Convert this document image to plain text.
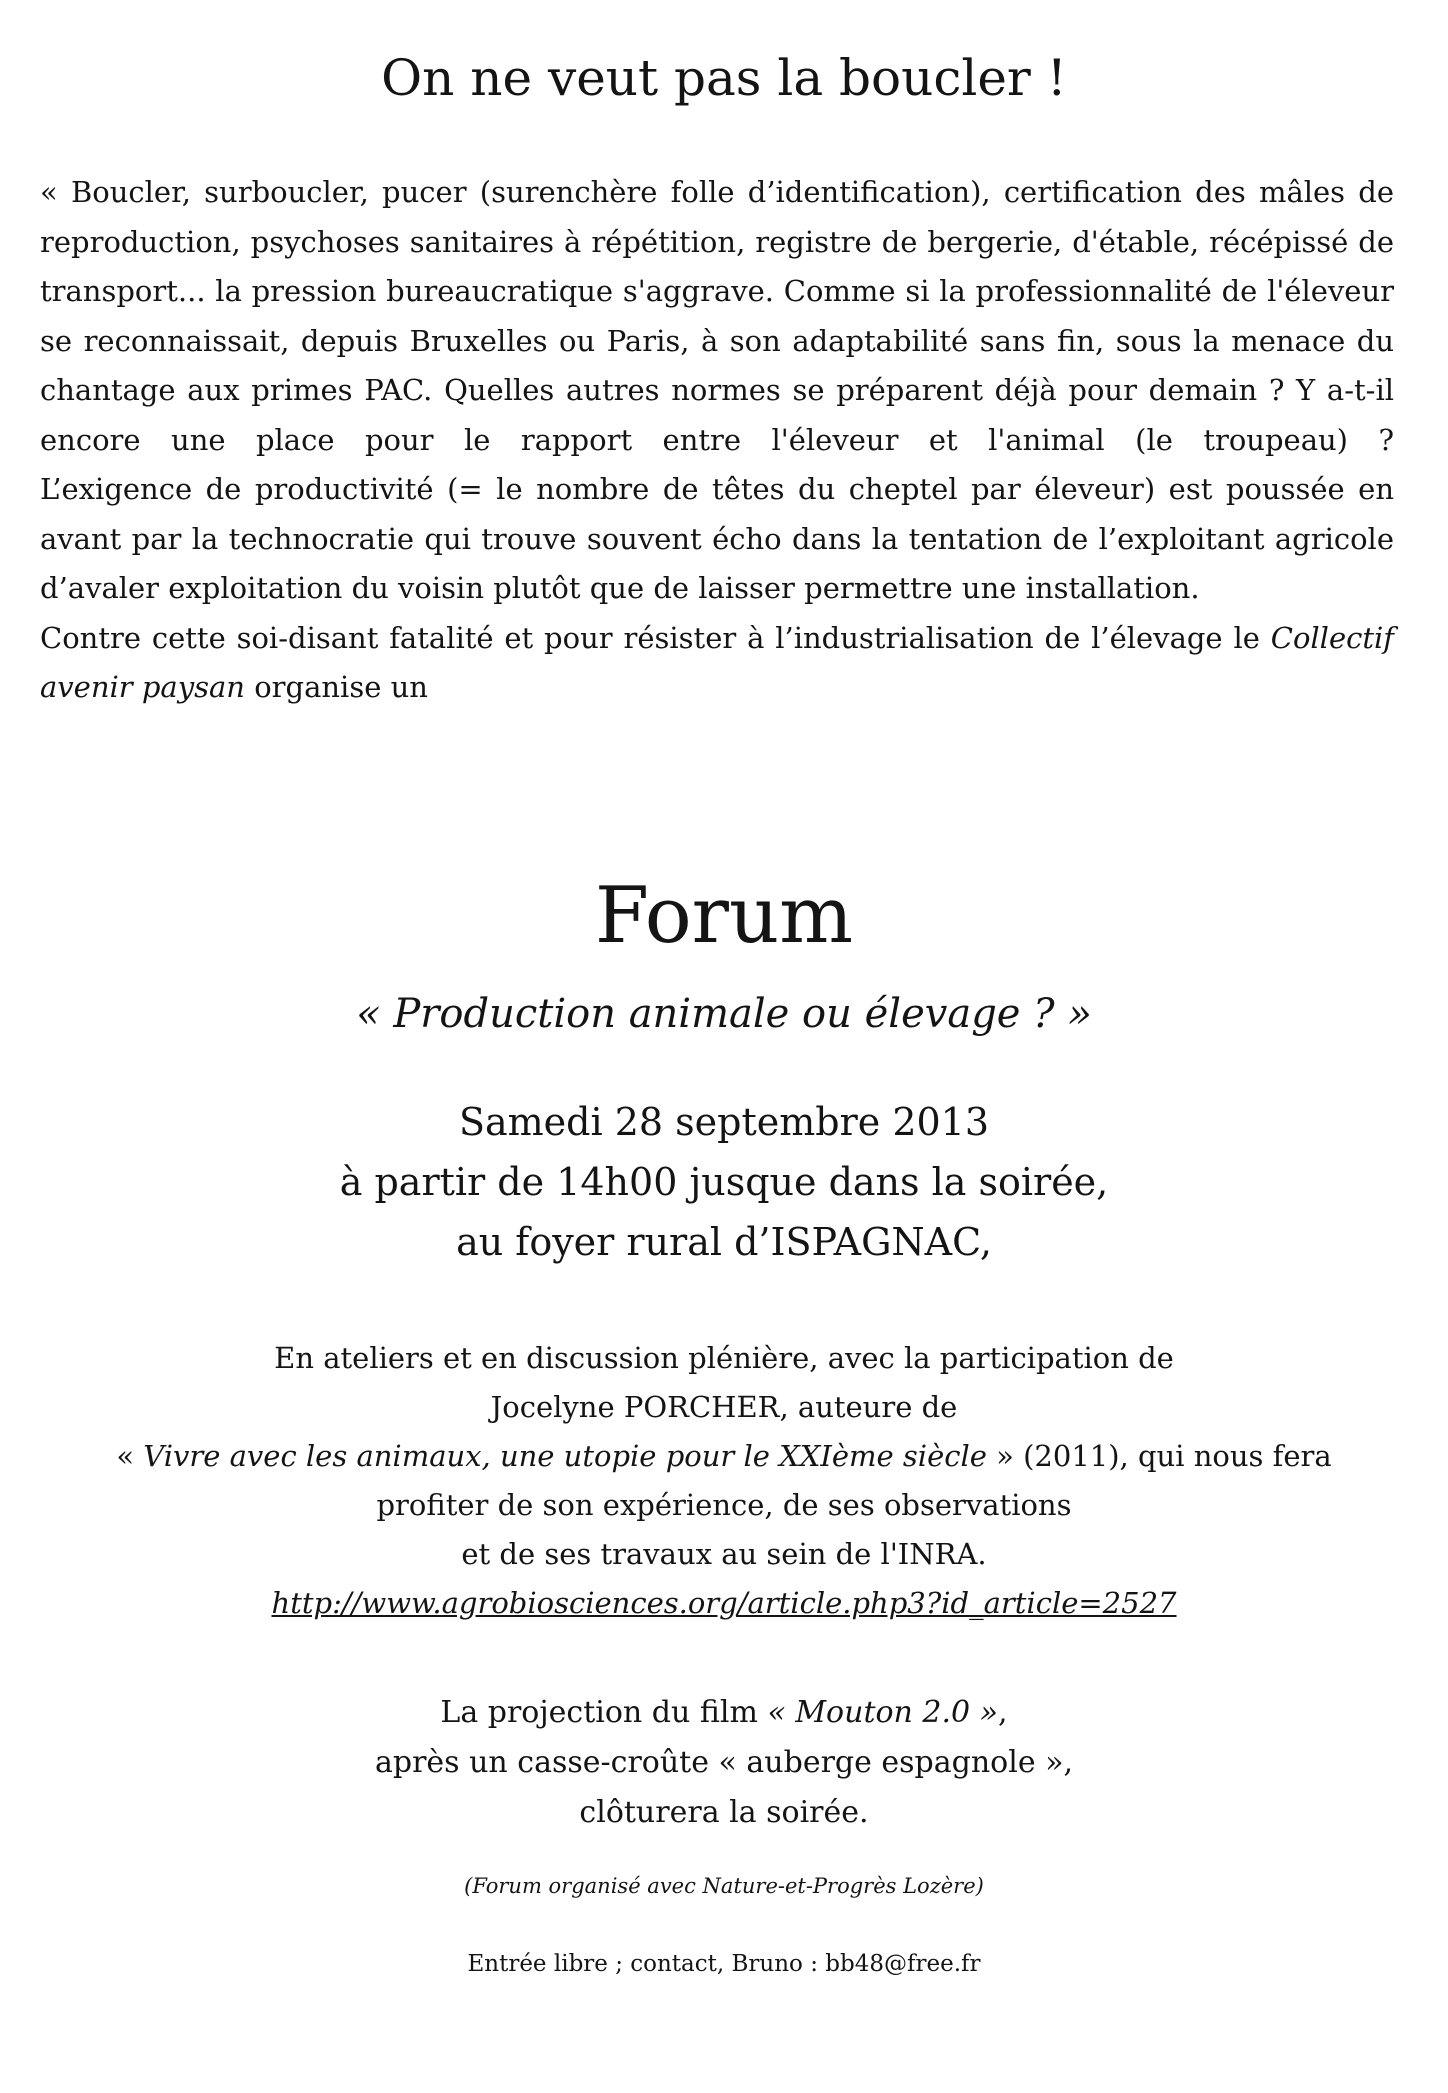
On ne veut pas la boucler !

« Boucler, surboucler, pucer (surenchère folle d’identification), certification des mâles de reproduction, psychoses sanitaires à répétition, registre de bergerie, d'étable, récépissé de transport... la pression bureaucratique s'aggrave. Comme si la professionnalité de l'éleveur se reconnaissait, depuis Bruxelles ou Paris, à son adaptabilité sans fin, sous la menace du chantage aux primes PAC. Quelles autres normes se préparent déjà pour demain ? Y a-t-il encore une place pour le rapport entre l'éleveur et l'animal (le troupeau) ?

L’exigence de productivité (= le nombre de têtes du cheptel par éleveur) est poussée en avant par la technocratie qui trouve souvent écho dans la tentation de l’exploitant agricole d’avaler exploitation du voisin plutôt que de laisser permettre une installation.

Contre cette soi-disant fatalité et pour résister à l’industrialisation de l’élevage le Collectif avenir paysan organise un

Forum
« Production animale ou élevage ? »
Samedi 28 septembre 2013
à partir de 14h00 jusque dans la soirée,
au foyer rural d’ISPAGNAC,
En ateliers et en discussion plénière, avec la participation de
Jocelyne PORCHER, auteure de
« Vivre avec les animaux, une utopie pour le XXIème siècle » (2011), qui nous fera
profiter de son expérience, de ses observations
et de ses travaux au sein de l'INRA.
http://www.agrobiosciences.org/article.php3?id_article=2527
La projection du film « Mouton 2.0 »,
après un casse-croûte « auberge espagnole »,
clôturera la soirée.
(Forum organisé avec Nature-et-Progrès Lozère)
Entrée libre ; contact, Bruno : bb48@free.fr
